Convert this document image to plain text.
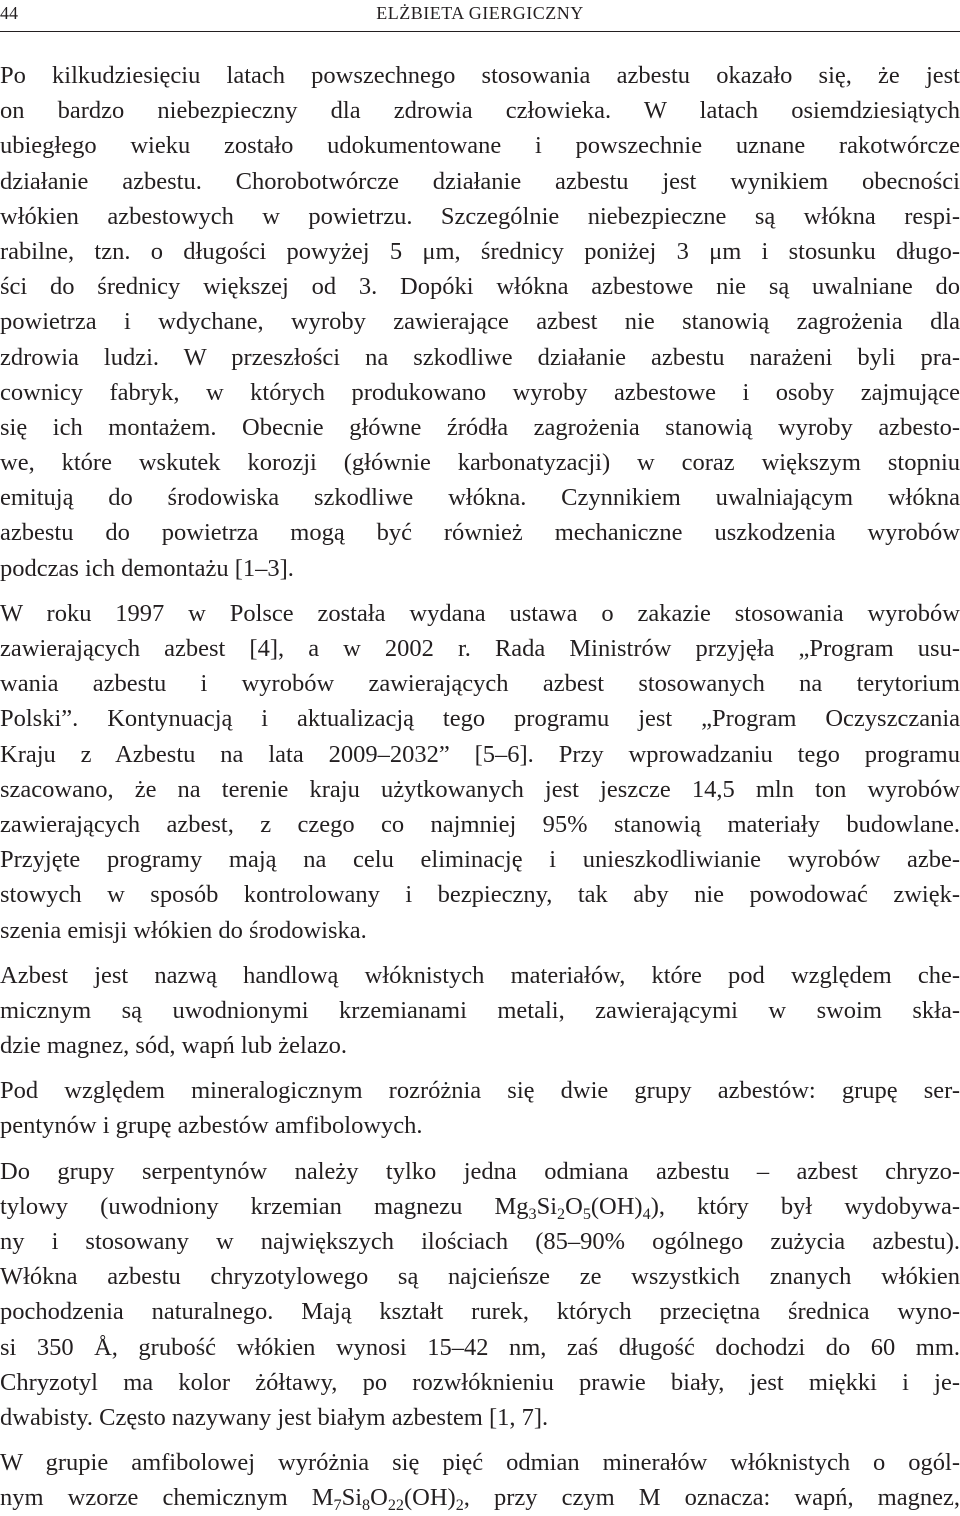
44	ELŻBIETA GIERGICZNY
Po kilkudziesięciu latach powszechnego stosowania azbestu okazało się, że jest
on bardzo niebezpieczny dla zdrowia człowieka. W latach osiemdziesiątych
ubiegłego wieku zostało udokumentowane i powszechnie uznane rakotwórcze
działanie azbestu. Chorobotwórcze działanie azbestu jest wynikiem obecności
włókien azbestowych w powietrzu. Szczególnie niebezpieczne są włókna respi-
rabilne, tzn. o długości powyżej 5 μm, średnicy poniżej 3 μm i stosunku długo-
ści do średnicy większej od 3. Dopóki włókna azbestowe nie są uwalniane do
powietrza i wdychane, wyroby zawierające azbest nie stanowią zagrożenia dla
zdrowia ludzi. W przeszłości na szkodliwe działanie azbestu narażeni byli pra-
cownicy fabryk, w których produkowano wyroby azbestowe i osoby zajmujące
się ich montażem. Obecnie główne źródła zagrożenia stanowią wyroby azbesto-
we, które wskutek korozji (głównie karbonatyzacji) w coraz większym stopniu
emitują do środowiska szkodliwe włókna. Czynnikiem uwalniającym włókna
azbestu do powietrza mogą być również mechaniczne uszkodzenia wyrobów
podczas ich demontażu [1–3].
W roku 1997 w Polsce została wydana ustawa o zakazie stosowania wyrobów
zawierających azbest [4], a w 2002 r. Rada Ministrów przyjęła „Program usu-
wania azbestu i wyrobów zawierających azbest stosowanych na terytorium
Polski”. Kontynuacją i aktualizacją tego programu jest „Program Oczyszczania
Kraju z Azbestu na lata 2009–2032” [5–6]. Przy wprowadzaniu tego programu
szacowano, że na terenie kraju użytkowanych jest jeszcze 14,5 mln ton wyrobów
zawierających azbest, z czego co najmniej 95% stanowią materiały budowlane.
Przyjęte programy mają na celu eliminację i unieszkodliwianie wyrobów azbe-
stowych w sposób kontrolowany i bezpieczny, tak aby nie powodować zwięk-
szenia emisji włókien do środowiska.
Azbest jest nazwą handlową włóknistych materiałów, które pod względem che-
micznym są uwodnionymi krzemianami metali, zawierającymi w swoim skła-
dzie magnez, sód, wapń lub żelazo.
Pod względem mineralogicznym rozróżnia się dwie grupy azbestów: grupę ser-
pentynów i grupę azbestów amfibolowych.
Do grupy serpentynów należy tylko jedna odmiana azbestu – azbest chryzo-
tylowy (uwodniony krzemian magnezu $Mg_3Si_2O_5(OH)_4$), który był wydobywa-
ny i stosowany w największych ilościach (85–90% ogólnego zużycia azbestu).
Włókna azbestu chryzotylowego są najcieńsze ze wszystkich znanych włókien
pochodzenia naturalnego. Mają kształt rurek, których przeciętna średnica wyno-
si 350 Å, grubość włókien wynosi 15–42 nm, zaś długość dochodzi do 60 mm.
Chryzotyl ma kolor żółtawy, po rozwłóknieniu prawie biały, jest miękki i je-
dwabisty. Często nazywany jest białym azbestem [1, 7].
W grupie amfibolowej wyróżnia się pięć odmian minerałów włóknistych o ogól-
nym wzorze chemicznym $M_7Si_8O_{22}(OH)_2$, przy czym M oznacza: wapń, magnez,
